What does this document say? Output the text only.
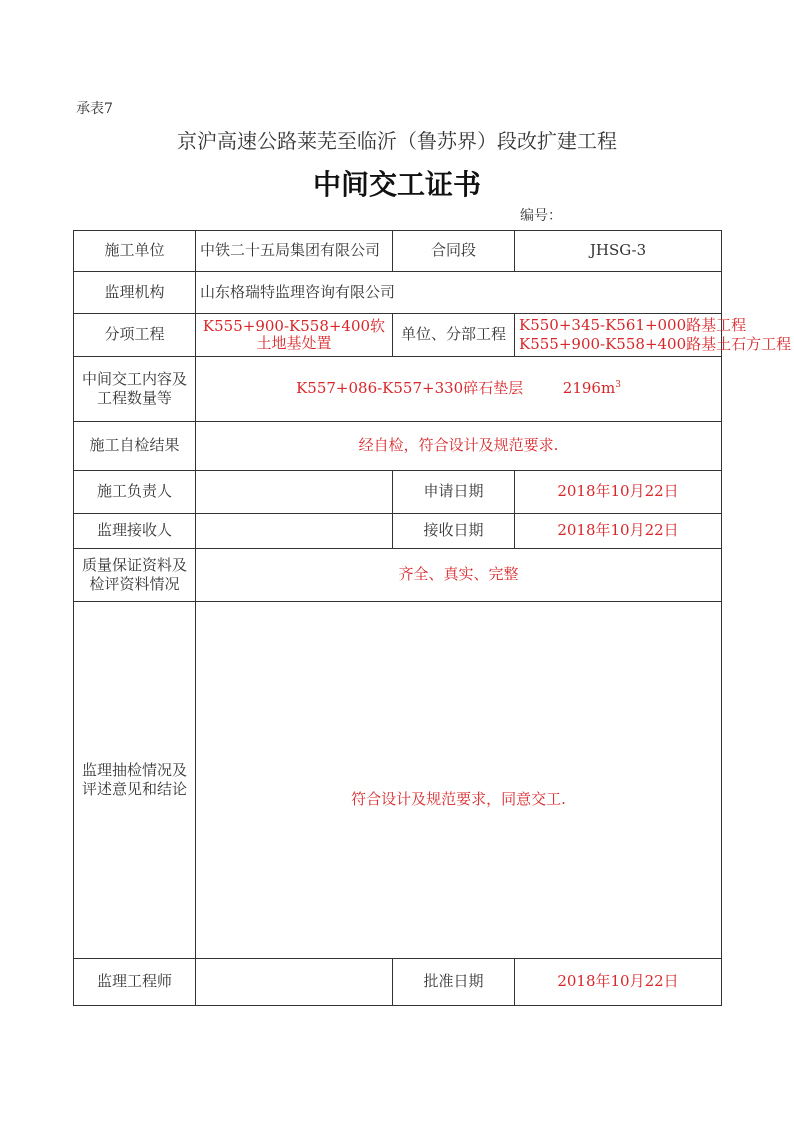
承表7
京沪高速公路莱芜至临沂（鲁苏界）段改扩建工程
中间交工证书
编号：
施工单位	中铁二十五局集团有限公司	合同段	JHSG-3
监理机构	山东格瑞特监理咨询有限公司		
分项工程	K555+900-K558+400软土地基处置	单位、分部工程	K550+345-K561+000路基工程
K555+900-K558+400路基土石方工程

中间交工内容及工程数量等	K557+086-K557+330碎石垫层 $2196m^3$
施工自检结果	经自检，符合设计及规范要求.		
施工负责人		申请日期	2018年10月22日
监理接收人		接收日期	2018年10月22日
质量保证资料及检评资料情况	齐全、真实、完整		
监理抽检情况及评述意见和结论	符合设计及规范要求，同意交工.		
监理工程师		批准日期	2018年10月22日
